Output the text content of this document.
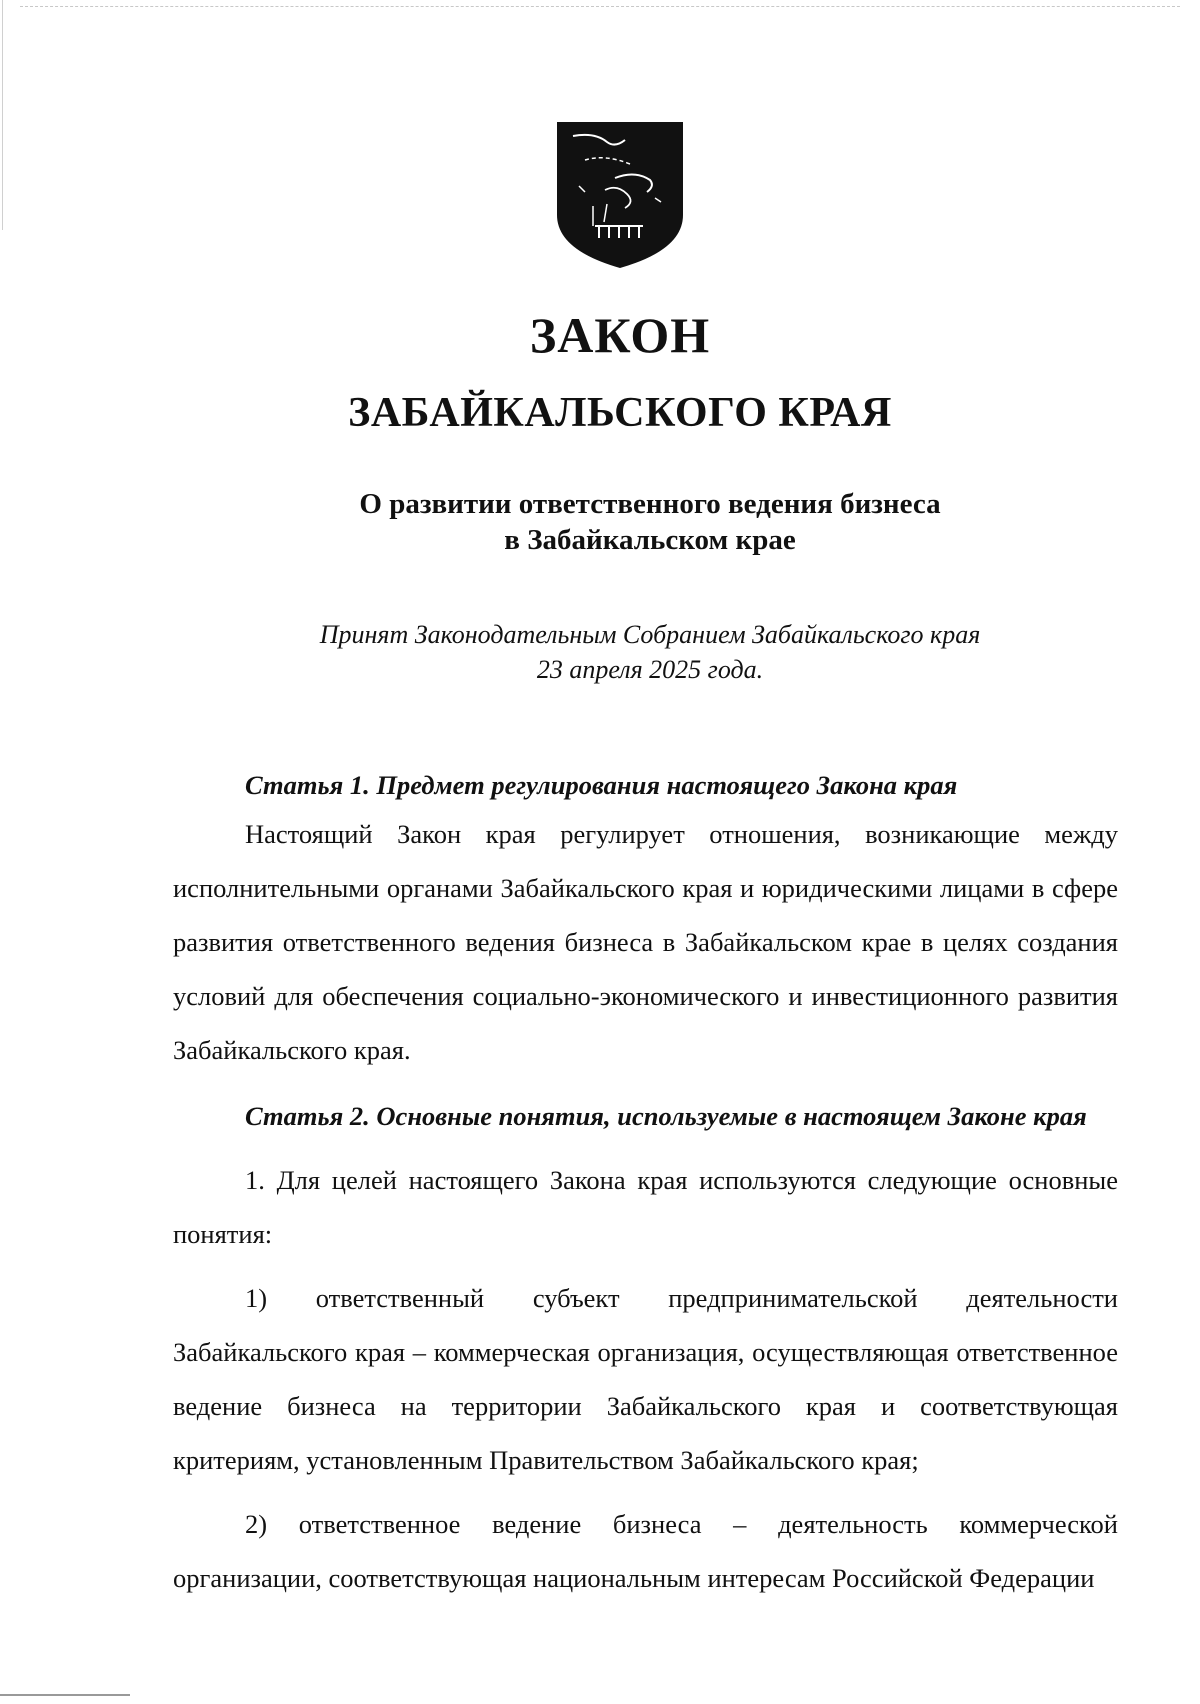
ЗАКОН
ЗАБАЙКАЛЬСКОГО КРАЯ
О развитии ответственного ведения бизнеса
в Забайкальском крае
Принят Законодательным Собранием Забайкальского края
23 апреля 2025 года.

Статья 1. Предмет регулирования настоящего Закона края

Настоящий Закон края регулирует отношения, возникающие между исполнительными органами Забайкальского края и юридическими лицами в сфере развития ответственного ведения бизнеса в Забайкальском крае в целях создания условий для обеспечения социально-экономического и инвестиционного развития Забайкальского края.

Статья 2. Основные понятия, используемые в настоящем Законе края

1. Для целей настоящего Закона края используются следующие основные понятия:

1) ответственный субъект предпринимательской деятельности Забайкальского края – коммерческая организация, осуществляющая ответственное ведение бизнеса на территории Забайкальского края и соответствующая критериям, установленным Правительством Забайкальского края;

2) ответственное ведение бизнеса – деятельность коммерческой организации, соответствующая национальным интересам Российской Федерации
